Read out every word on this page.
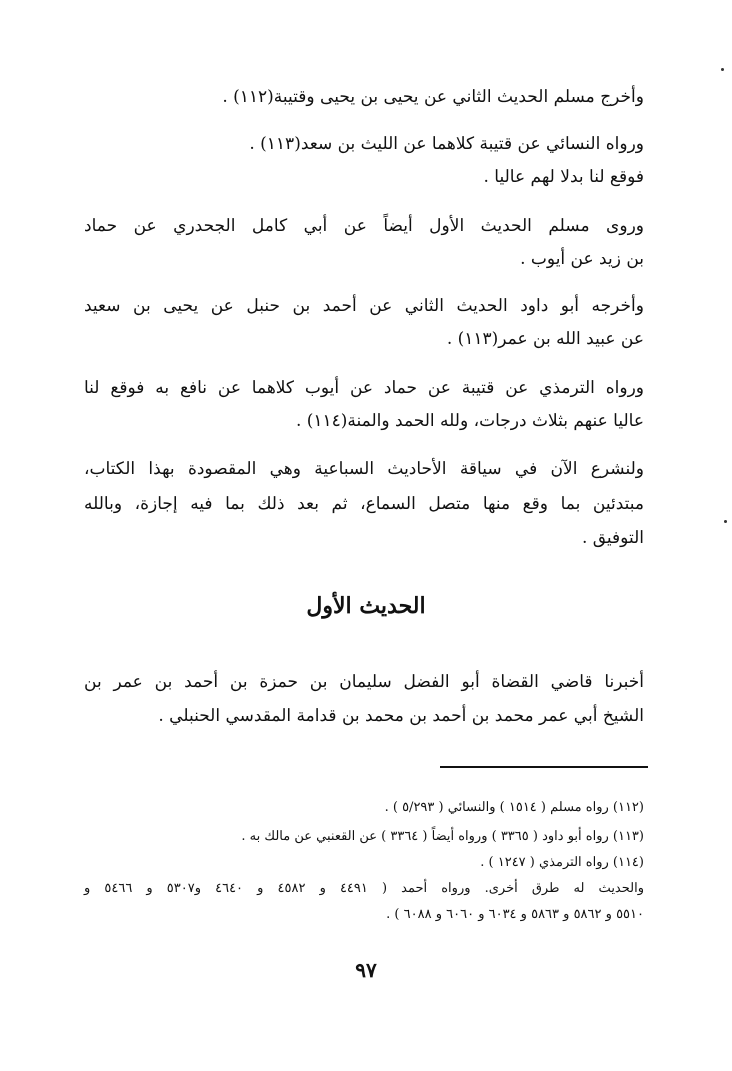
وأخرج مسلم الحديث الثاني عن يحيى بن يحيى وقتيبة(١١٢) .
ورواه النسائي عن قتيبة كلاهما عن الليث بن سعد(١١٣) .
فوقع لنا بدلا لهم عاليا .
وروى مسلم الحديث الأول أيضاً عن أبي كامل الجحدري عن حماد
بن زيد عن أيوب .
وأخرجه أبو داود الحديث الثاني عن أحمد بن حنبل عن يحيى بن سعيد
عن عبيد الله بن عمر(١١٣) .
ورواه الترمذي عن قتيبة عن حماد عن أيوب كلاهما عن نافع به فوقع لنا
عاليا عنهم بثلاث درجات، ولله الحمد والمنة(١١٤) .
ولنشرع الآن في سياقة الأحاديث السباعية وهي المقصودة بهذا الكتاب،
مبتدئين بما وقع منها متصل السماع، ثم بعد ذلك بما فيه إجازة، وبالله
التوفيق .
الحديث الأول
أخبرنا قاضي القضاة أبو الفضل سليمان بن حمزة بن أحمد بن عمر بن
الشيخ أبي عمر محمد بن أحمد بن محمد بن قدامة المقدسي الحنبلي .
(١١٢) رواه مسلم ( ١٥١٤ ) والنسائي ( ٥/٢٩٣ ) .
(١١٣) رواه أبو داود ( ٣٣٦٥ ) ورواه أيضاً ( ٣٣٦٤ ) عن القعنبي عن مالك به .
(١١٤) رواه الترمذي ( ١٢٤٧ ) .
والحديث له طرق أخرى. ورواه أحمد ( ٤٤٩١ و ٤٥٨٢ و ٤٦٤٠ و٥٣٠٧ و ٥٤٦٦ و
٥٥١٠ و ٥٨٦٢ و ٥٨٦٣ و ٦٠٣٤ و ٦٠٦٠ و ٦٠٨٨ ) .
٩٧
